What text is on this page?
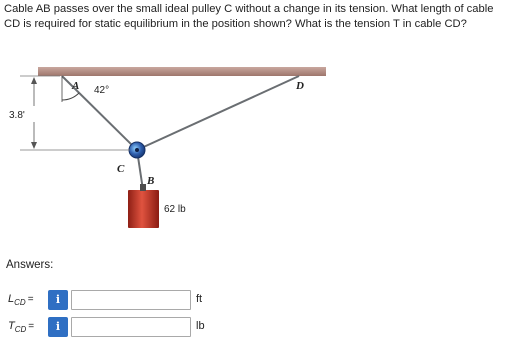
Cable AB passes over the small ideal pulley C without a change in its tension. What length of cable
CD is required for static equilibrium in the position shown? What is the tension T in cable CD?
A	D
42°
C
B
3.8'
62 lb
Answers:
$L_{CD}$ =	i	ft
$T_{CD}$ =	i	lb
